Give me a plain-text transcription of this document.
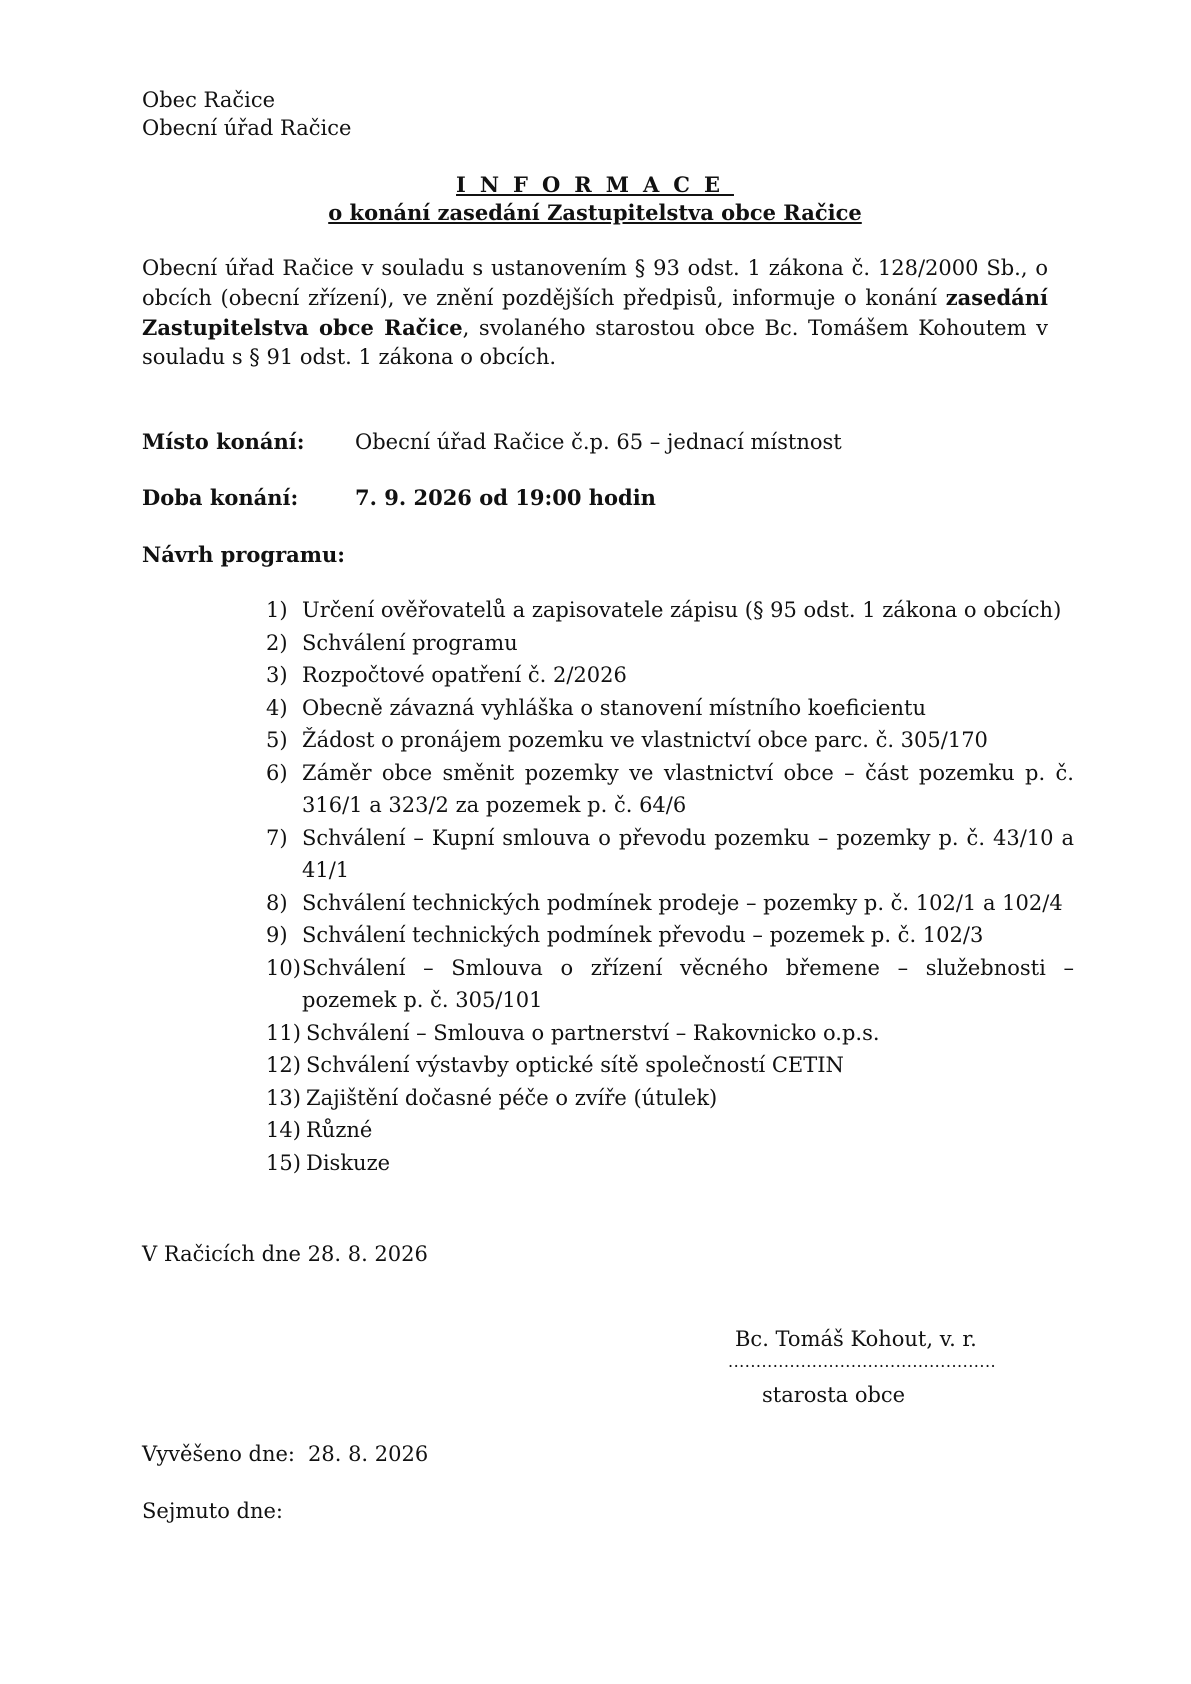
Obec Račice
Obecní úřad Račice
INFORMACE
o konání zasedání Zastupitelstva obce Račice
Obecní úřad Račice v souladu s ustanovením § 93 odst. 1 zákona č. 128/2000 Sb., o obcích (obecní zřízení), ve znění pozdějších předpisů, informuje o konání zasedání Zastupitelstva obce Račice, svolaného starostou obce Bc. Tomášem Kohoutem v souladu s § 91 odst. 1 zákona o obcích.
Místo konání: Obecní úřad Račice č.p. 65 – jednací místnost
Doba konání:	7. 9. 2026 od 19:00 hodin
Návrh programu:
1) Určení ověřovatelů a zapisovatele zápisu (§ 95 odst. 1 zákona o obcích)
2) Schválení programu
3) Rozpočtové opatření č. 2/2026
4) Obecně závazná vyhláška o stanovení místního koeficientu
5) Žádost o pronájem pozemku ve vlastnictví obce parc. č. 305/170
6) Záměr obce směnit pozemky ve vlastnictví obce – část pozemku p. č. 316/1 a 323/2 za pozemek p. č. 64/6
7) Schválení – Kupní smlouva o převodu pozemku – pozemky p. č. 43/10 a 41/1
8) Schválení technických podmínek prodeje – pozemky p. č. 102/1 a 102/4
9) Schválení technických podmínek převodu – pozemek p. č. 102/3
10) Schválení – Smlouva o zřízení věcného břemene – služebnosti – pozemek p. č. 305/101
11) Schválení – Smlouva o partnerství – Rakovnicko o.p.s.
12) Schválení výstavby optické sítě společností CETIN
13) Zajištění dočasné péče o zvíře (útulek)
14) Různé
15) Diskuze
V Račicích dne 28. 8. 2026
Bc. Tomáš Kohout, v. r.
................................................
starosta obce
Vyvěšeno dne: 28. 8. 2026
Sejmuto dne:
